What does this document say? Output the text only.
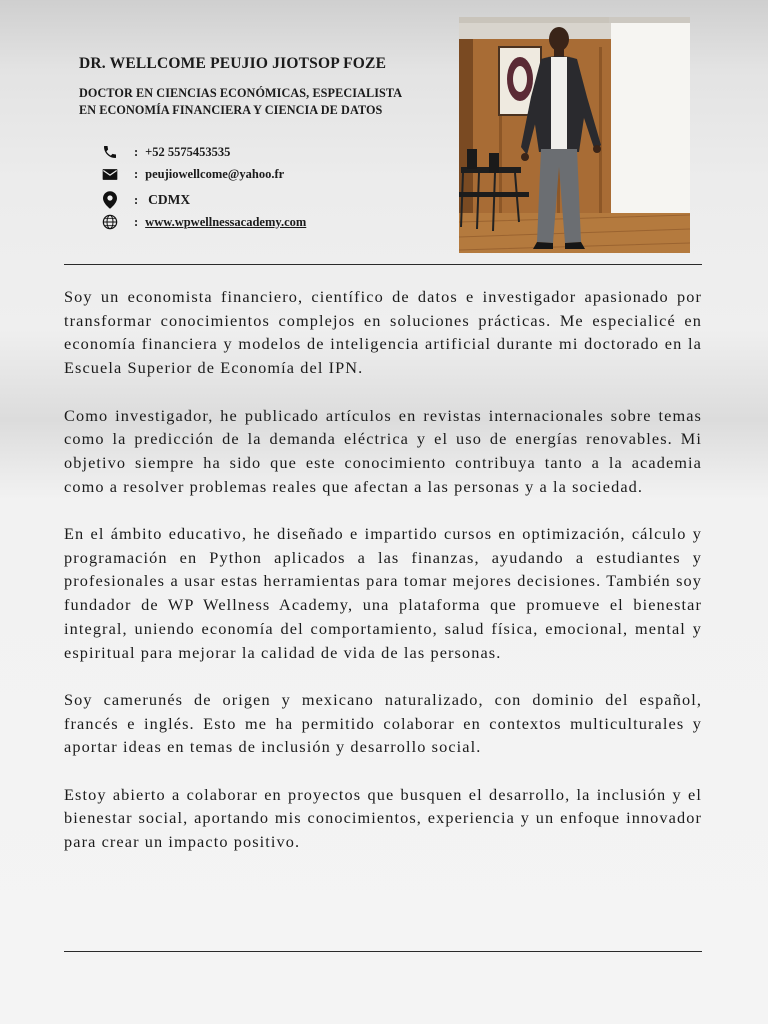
DR. WELLCOME PEUJIO JIOTSOP FOZE
DOCTOR EN CIENCIAS ECONÓMICAS, ESPECIALISTA
EN ECONOMÍA FINANCIERA Y CIENCIA DE DATOS
: +52 5575453535
: peujiowellcome@yahoo.fr
: CDMX
: www.wpwellnessacademy.com

Soy un economista financiero, científico de datos e investigador apasionado por transformar conocimientos complejos en soluciones prácticas. Me especialicé en economía financiera y modelos de inteligencia artificial durante mi doctorado en la Escuela Superior de Economía del IPN.

Como investigador, he publicado artículos en revistas internacionales sobre temas como la predicción de la demanda eléctrica y el uso de energías renovables. Mi objetivo siempre ha sido que este conocimiento contribuya tanto a la academia como a resolver problemas reales que afectan a las personas y a la sociedad.

En el ámbito educativo, he diseñado e impartido cursos en optimización, cálculo y programación en Python aplicados a las finanzas, ayudando a estudiantes y profesionales a usar estas herramientas para tomar mejores decisiones. También soy fundador de WP Wellness Academy, una plataforma que promueve el bienestar integral, uniendo economía del comportamiento, salud física, emocional, mental y espiritual para mejorar la calidad de vida de las personas.

Soy camerunés de origen y mexicano naturalizado, con dominio del español, francés e inglés. Esto me ha permitido colaborar en contextos multiculturales y aportar ideas en temas de inclusión y desarrollo social.

Estoy abierto a colaborar en proyectos que busquen el desarrollo, la inclusión y el bienestar social, aportando mis conocimientos, experiencia y un enfoque innovador para crear un impacto positivo.
